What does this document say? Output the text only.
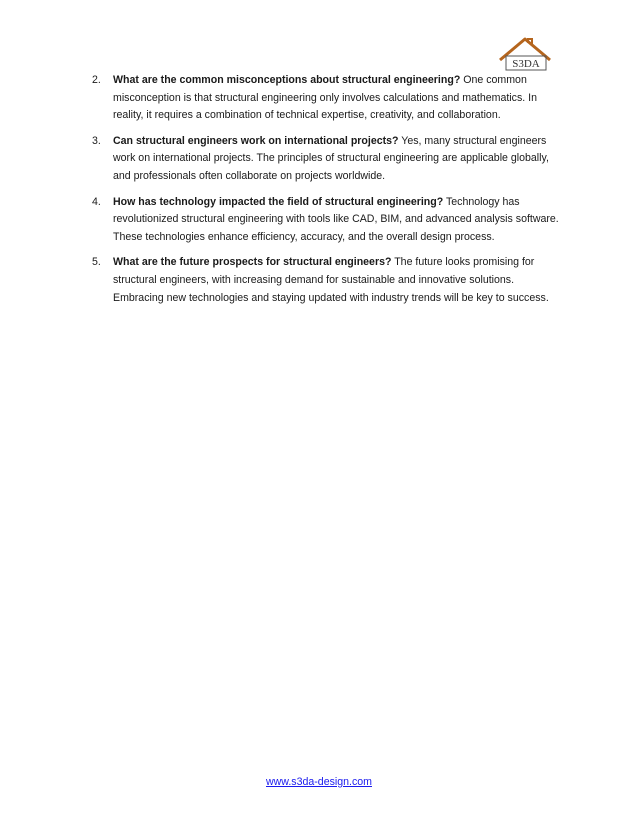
S3DA
2. What are the common misconceptions about structural engineering? One common misconception is that structural engineering only involves calculations and mathematics. In reality, it requires a combination of technical expertise, creativity, and collaboration.
3. Can structural engineers work on international projects? Yes, many structural engineers work on international projects. The principles of structural engineering are applicable globally, and professionals often collaborate on projects worldwide.
4. How has technology impacted the field of structural engineering? Technology has revolutionized structural engineering with tools like CAD, BIM, and advanced analysis software. These technologies enhance efficiency, accuracy, and the overall design process.
5. What are the future prospects for structural engineers? The future looks promising for structural engineers, with increasing demand for sustainable and innovative solutions. Embracing new technologies and staying updated with industry trends will be key to success.
www.s3da-design.com
